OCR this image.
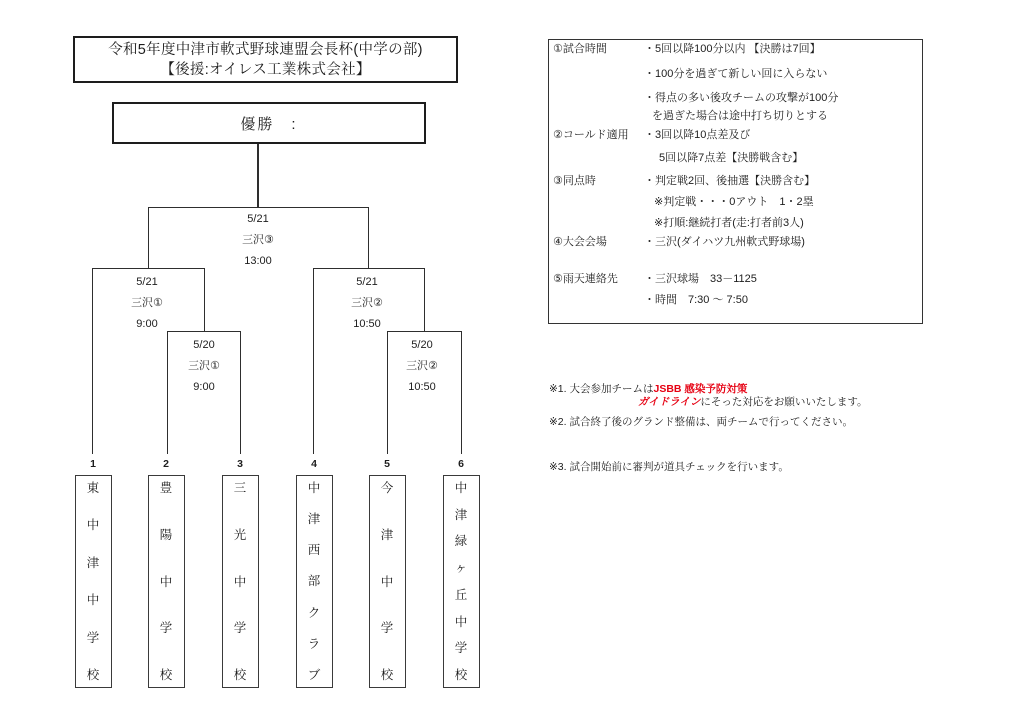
令和5年度中津市軟式野球連盟会長杯(中学の部)
【後援:オイレス工業株式会社】
優勝　:
5/21
三沢③
13:00
5/21
三沢①
9:00
5/21
三沢②
10:50
5/20
三沢①
9:00
5/20
三沢②
10:50
1
東
中
津
中
学
校
2
豊
陽
中
学
校
3
三
光
中
学
校
4
中
津
西
部
ク
ラ
ブ
5
今
津
中
学
校
6
中
津
緑
ヶ
丘
中
学
校
①試合時間	・5回以降100分以内 【決勝は7回】
・100分を過ぎて新しい回に入らない
・得点の多い後攻チームの攻撃が100分
を過ぎた場合は途中打ち切りとする
②コールド適用 ・3回以降10点差及び
5回以降7点差【決勝戦含む】
③同点時	・判定戦2回、後抽選【決勝含む】
※判定戦・・・0アウト　1・2塁
※打順:継続打者(走:打者前3人)
④大会会場	・三沢(ダイハツ九州軟式野球場)
⑤雨天連絡先 ・三沢球場　33－1125
・時間　7:30 ～ 7:50
※1. 大会参加チームはJSBB 感染予防対策
ガイドラインにそった対応をお願いいたします。
※2. 試合終了後のグランド整備は、両チームで行ってください。
※3. 試合開始前に審判が道具チェックを行います。
